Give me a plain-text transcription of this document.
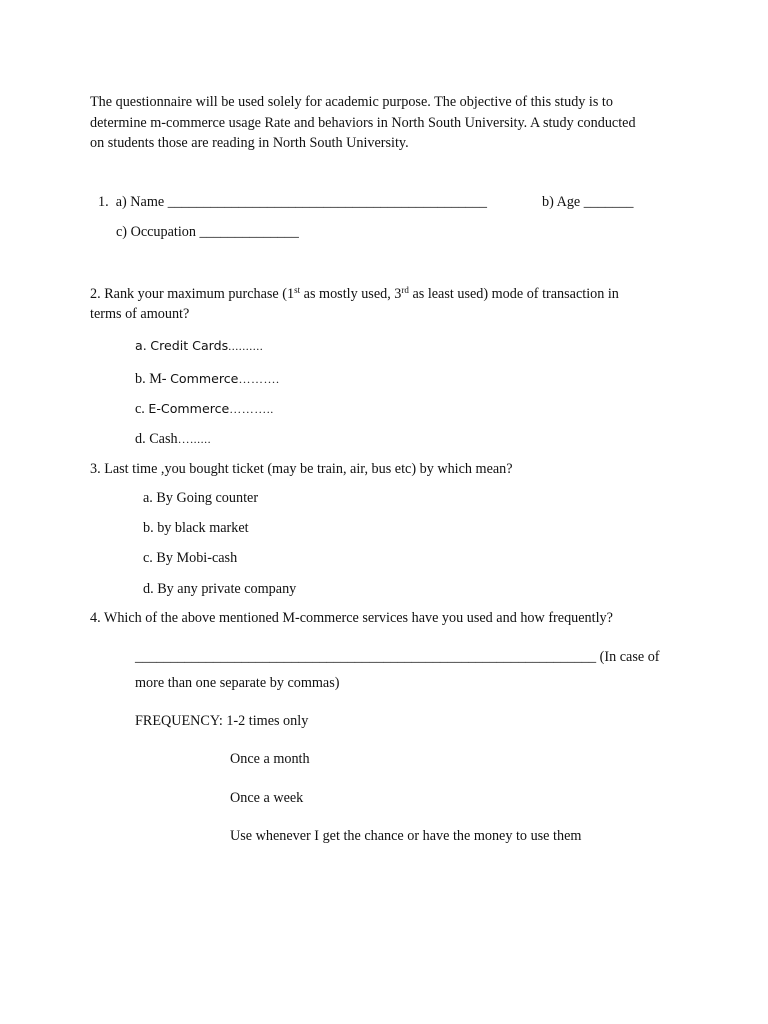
The questionnaire will be used solely for academic purpose. The objective of this study is to
determine m-commerce usage Rate and behaviors in North South University. A study conducted
on students those are reading in North South University.

1. a) Name _____________________________________________	b) Age _______
c) Occupation ______________
2. Rank your maximum purchase (1st as mostly used, 3rd as least used) mode of transaction in
terms of amount?
a. Credit Cards..........
b. M- Commerce……….
c. E-Commerce………..
d. Cash…......
3. Last time ,you bought ticket (may be train, air, bus etc) by which mean?
a. By Going counter
b. by black market
c. By Mobi-cash
d. By any private company
4. Which of the above mentioned M-commerce services have you used and how frequently?
_________________________________________________________________ (In case of
more than one separate by commas)
FREQUENCY: 1-2 times only
Once a month
Once a week
Use whenever I get the chance or have the money to use them
